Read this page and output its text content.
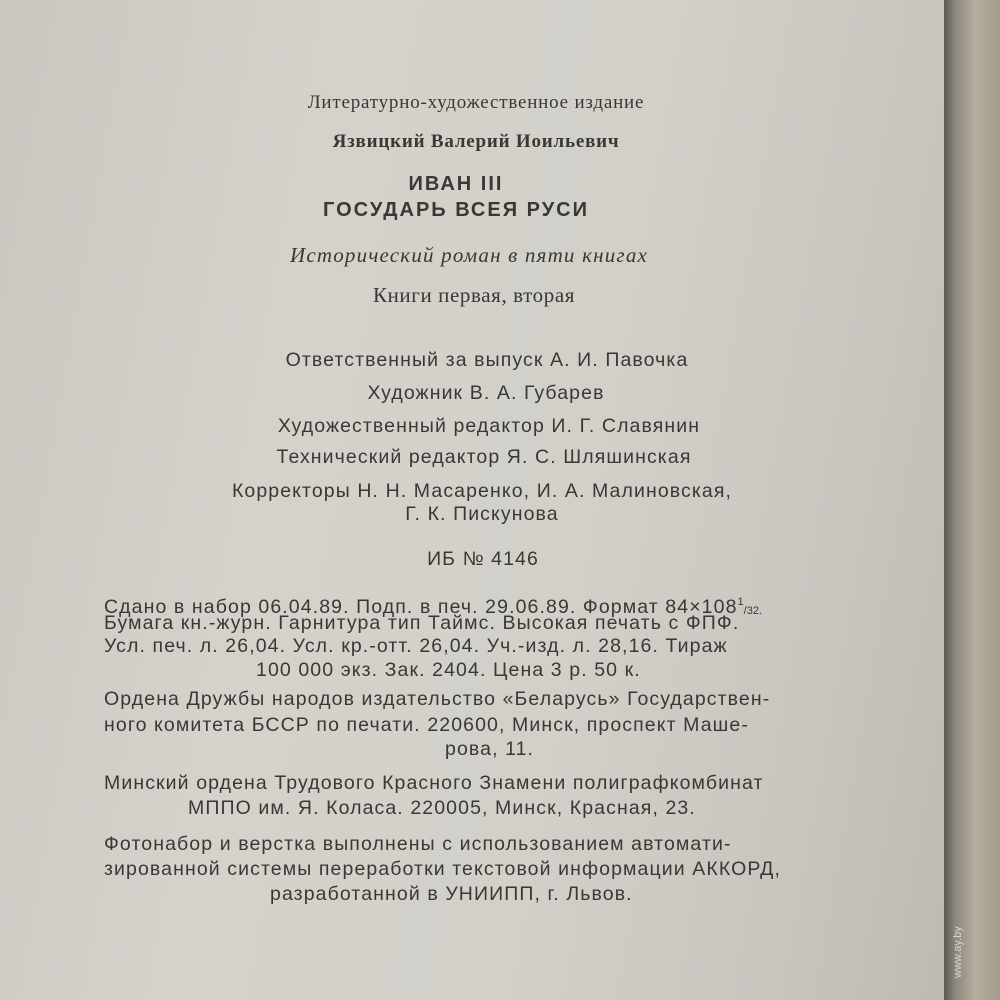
Литературно-художественное издание
Язвицкий Валерий Иоильевич
ИВАН III
ГОСУДАРЬ ВСЕЯ РУСИ
Исторический роман в пяти книгах
Книги первая, вторая
Ответственный за выпуск А. И. Павочка
Художник В. А. Губарев
Художественный редактор И. Г. Славянин
Технический редактор Я. С. Шляшинская
Корректоры Н. Н. Масаренко, И. А. Малиновская,
Г. К. Пискунова
ИБ № 4146
Сдано в набор 06.04.89. Подп. в печ. 29.06.89. Формат $84\times 108^1_{/32.}$
Бумага кн.-журн. Гарнитура тип Таймс. Высокая печать с ФПФ.
Усл. печ. л. 26,04. Усл. кр.-отт. 26,04. Уч.-изд. л. 28,16. Тираж
100 000 экз. Зак. 2404. Цена 3 р. 50 к.
Ордена Дружбы народов издательство «Беларусь» Государствен-
ного комитета БССР по печати. 220600, Минск, проспект Маше-
рова, 11.
Минский ордена Трудового Красного Знамени полиграфкомбинат
МППО им. Я. Коласа. 220005, Минск, Красная, 23.
Фотонабор и верстка выполнены с использованием автомати-
зированной системы переработки текстовой информации АККОРД,
разработанной в УНИИПП, г. Львов.
www.ay.by
